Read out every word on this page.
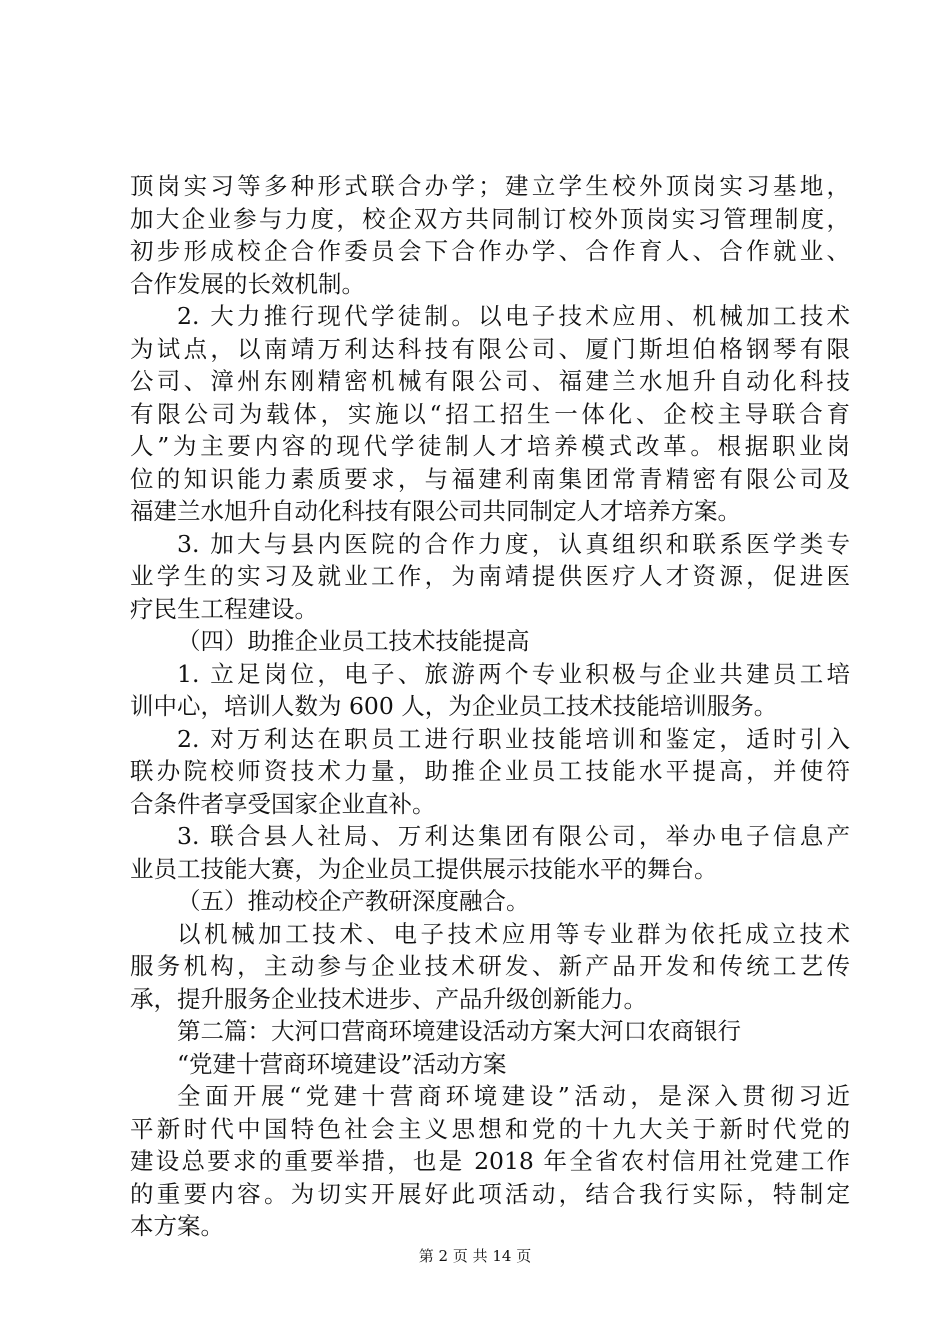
顶岗实习等多种形式联合办学；建立学生校外顶岗实习基地，
加大企业参与力度，校企双方共同制订校外顶岗实习管理制度，
初步形成校企合作委员会下合作办学、合作育人、合作就业、
合作发展的长效机制。
2. 大力推行现代学徒制。以电子技术应用、机械加工技术
为试点，以南靖万利达科技有限公司、厦门斯坦伯格钢琴有限
公司、漳州东刚精密机械有限公司、福建兰水旭升自动化科技
有限公司为载体，实施以“招工招生一体化、企校主导联合育
人”为主要内容的现代学徒制人才培养模式改革。根据职业岗
位的知识能力素质要求，与福建利南集团常青精密有限公司及
福建兰水旭升自动化科技有限公司共同制定人才培养方案。
3. 加大与县内医院的合作力度，认真组织和联系医学类专
业学生的实习及就业工作，为南靖提供医疗人才资源，促进医
疗民生工程建设。
（四）助推企业员工技术技能提高
1. 立足岗位，电子、旅游两个专业积极与企业共建员工培
训中心，培训人数为 600 人，为企业员工技术技能培训服务。
2. 对万利达在职员工进行职业技能培训和鉴定，适时引入
联办院校师资技术力量，助推企业员工技能水平提高，并使符
合条件者享受国家企业直补。
3. 联合县人社局、万利达集团有限公司，举办电子信息产
业员工技能大赛，为企业员工提供展示技能水平的舞台。
（五）推动校企产教研深度融合。
以机械加工技术、电子技术应用等专业群为依托成立技术
服务机构，主动参与企业技术研发、新产品开发和传统工艺传
承，提升服务企业技术进步、产品升级创新能力。
第二篇：大河口营商环境建设活动方案大河口农商银行
“党建十营商环境建设”活动方案
全面开展“党建十营商环境建设”活动，是深入贯彻习近
平新时代中国特色社会主义思想和党的十九大关于新时代党的
建设总要求的重要举措，也是 2018 年全省农村信用社党建工作
的重要内容。为切实开展好此项活动，结合我行实际，特制定
本方案。
第 2 页 共 14 页
